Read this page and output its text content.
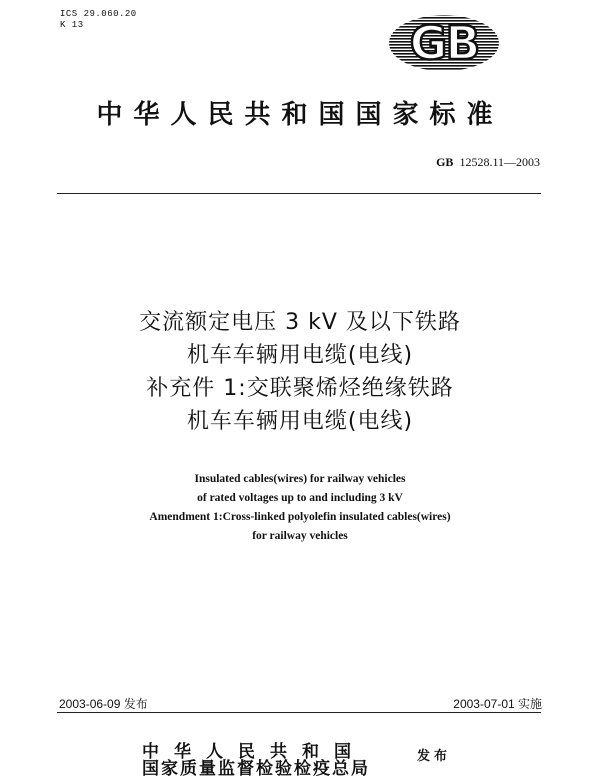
ICS 29.060.20
K 13	GB
中华人民共和国国家标准
GB 12528.11—2003
交流额定电压 3 kV 及以下铁路
机车车辆用电缆(电线)
补充件 1:交联聚烯烃绝缘铁路
机车车辆用电缆(电线)
Insulated cables(wires) for railway vehicles
of rated voltages up to and including 3 kV
Amendment 1:Cross-linked polyolefin insulated cables(wires)
for railway vehicles
2003-06-09 发布	2003-07-01 实施
中华人民共和国
国家质量监督检验检疫总局
发布
